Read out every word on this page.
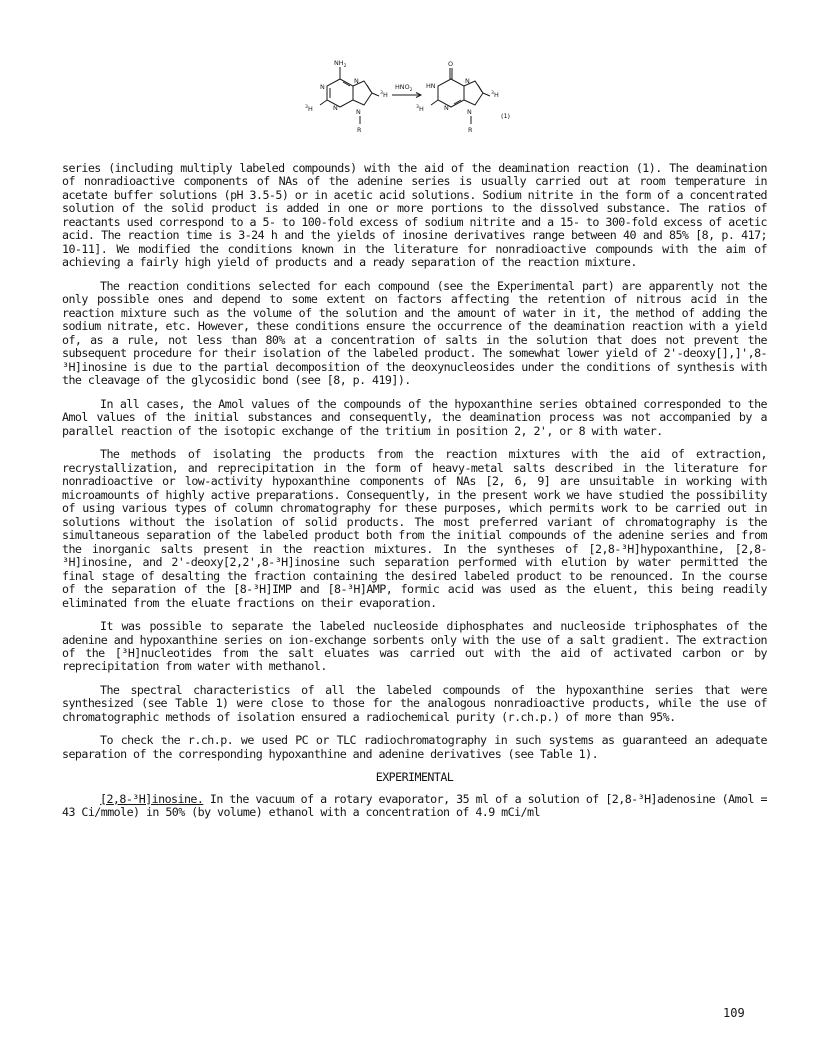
$NH_2$
N
N
N	N
$^3$H
$^3$H
R
$HNO_2$
O
HN
N
N	N
$^3$H
$^3$H
R
(1)

series (including multiply labeled compounds) with the aid of the deamination reaction (1). The deamination of nonradioactive components of NAs of the adenine series is usually carried out at room temperature in acetate buffer solutions (pH 3.5-5) or in acetic acid solutions. Sodium nitrite in the form of a concentrated solution of the solid product is added in one or more portions to the dissolved substance. The ratios of reactants used correspond to a 5- to 100-fold excess of sodium nitrite and a 15- to 300-fold excess of acetic acid. The reaction time is 3-24 h and the yields of inosine derivatives range between 40 and 85% [8, p. 417; 10-11]. We modified the conditions known in the literature for nonradioactive compounds with the aim of achieving a fairly high yield of products and a ready separation of the reaction mixture.

The reaction conditions selected for each compound (see the Experimental part) are apparently not the only possible ones and depend to some extent on factors affecting the retention of nitrous acid in the reaction mixture such as the volume of the solution and the amount of water in it, the method of adding the sodium nitrate, etc. However, these conditions ensure the occurrence of the deamination reaction with a yield of, as a rule, not less than 80% at a concentration of salts in the solution that does not prevent the subsequent procedure for their isolation of the labeled product. The somewhat lower yield of 2'-deoxy[],]',8-³H]inosine is due to the partial decomposition of the deoxynucleosides under the conditions of synthesis with the cleavage of the glycosidic bond (see [8, p. 419]).

In all cases, the Amol values of the compounds of the hypoxanthine series obtained corresponded to the Amol values of the initial substances and consequently, the deamination process was not accompanied by a parallel reaction of the isotopic exchange of the tritium in position 2, 2', or 8 with water.

The methods of isolating the products from the reaction mixtures with the aid of extraction, recrystallization, and reprecipitation in the form of heavy-metal salts described in the literature for nonradioactive or low-activity hypoxanthine components of NAs [2, 6, 9] are unsuitable in working with microamounts of highly active preparations. Consequently, in the present work we have studied the possibility of using various types of column chromatography for these purposes, which permits work to be carried out in solutions without the isolation of solid products. The most preferred variant of chromatography is the simultaneous separation of the labeled product both from the initial compounds of the adenine series and from the inorganic salts present in the reaction mixtures. In the syntheses of [2,8-³H]hypoxanthine, [2,8-³H]inosine, and 2'-deoxy[2,2',8-³H]inosine such separation performed with elution by water permitted the final stage of desalting the fraction containing the desired labeled product to be renounced. In the course of the separation of the [8-³H]IMP and [8-³H]AMP, formic acid was used as the eluent, this being readily eliminated from the eluate fractions on their evaporation.

It was possible to separate the labeled nucleoside diphosphates and nucleoside triphosphates of the adenine and hypoxanthine series on ion-exchange sorbents only with the use of a salt gradient. The extraction of the [³H]nucleotides from the salt eluates was carried out with the aid of activated carbon or by reprecipitation from water with methanol.

The spectral characteristics of all the labeled compounds of the hypoxanthine series that were synthesized (see Table 1) were close to those for the analogous nonradioactive products, while the use of chromatographic methods of isolation ensured a radiochemical purity (r.ch.p.) of more than 95%.

To check the r.ch.p. we used PC or TLC radiochromatography in such systems as guaranteed an adequate separation of the corresponding hypoxanthine and adenine derivatives (see Table 1).

EXPERIMENTAL

[2,8-³H]inosine. In the vacuum of a rotary evaporator, 35 ml of a solution of [2,8-³H]adenosine (Amol = 43 Ci/mmole) in 50% (by volume) ethanol with a concentration of 4.9 mCi/ml

109
